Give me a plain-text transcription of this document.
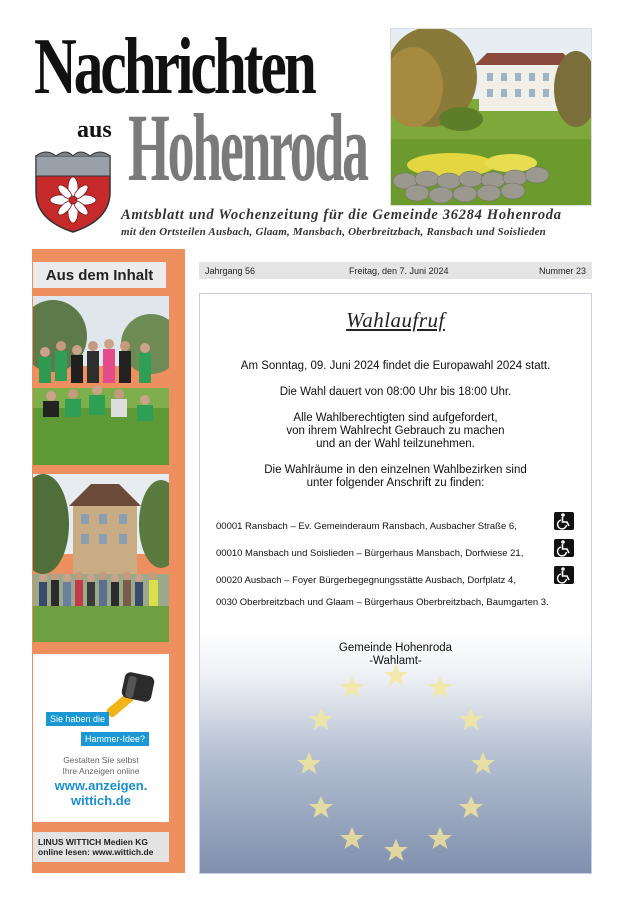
Nachrichten
aus Hohenroda
Amtsblatt und Wochenzeitung für die Gemeinde 36284 Hohenroda
mit den Ortsteilen Ausbach, Glaam, Mansbach, Oberbreitzbach, Ransbach und Soislieden
Aus dem Inhalt
Sie haben die
Hammer-Idee?
Gestalten Sie selbst
Ihre Anzeigen online
www.anzeigen.
wittich.de
LINUS WITTICH Medien KG
online lesen: www.wittich.de
Jahrgang 56	Freitag, den 7. Juni 2024	Nummer 23
Wahlaufruf
Am Sonntag, 09. Juni 2024 findet die Europawahl 2024 statt.
Die Wahl dauert von 08:00 Uhr bis 18:00 Uhr.
Alle Wahlberechtigten sind aufgefordert,
von ihrem Wahlrecht Gebrauch zu machen
und an der Wahl teilzunehmen.
Die Wahlräume in den einzelnen Wahlbezirken sind
unter folgender Anschrift zu finden:
00001 Ransbach – Ev. Gemeinderaum Ransbach, Ausbacher Straße 6,
00010 Mansbach und Soislieden – Bürgerhaus Mansbach, Dorfwiese 21,
00020 Ausbach – Foyer Bürgerbegegnungsstätte Ausbach, Dorfplatz 4,
0030 Oberbreitzbach und Glaam – Bürgerhaus Oberbreitzbach, Baumgarten 3.
Gemeinde Hohenroda
-Wahlamt-
